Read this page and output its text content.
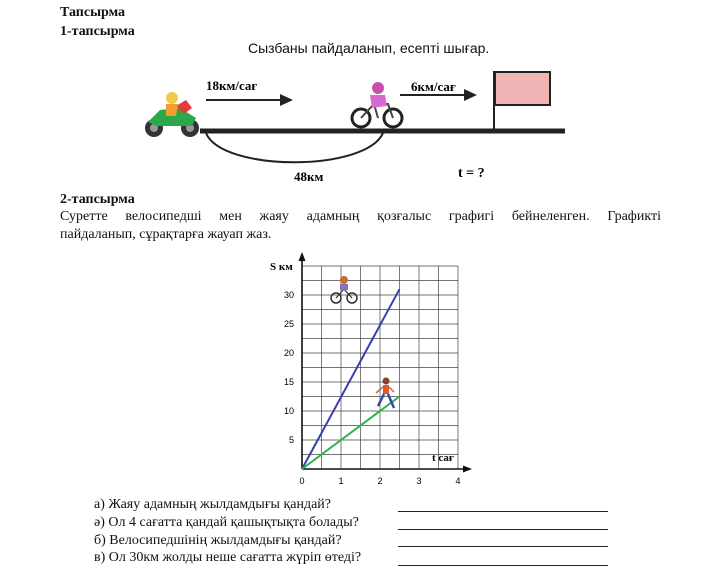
Тапсырма
1-тапсырма
Сызбаны пайдаланып, есепті шығар.
18км/сағ	6км/сағ
48км	t = ?
2-тапсырма
Суретте велосипедші мен жаяу адамның қозғалыс графигі бейнеленген. Графикті
пайдаланып, сұрақтарға жауап жаз.
0	1	2	3	4
5
10
15
20
25
30
S км
t сағ
а) Жаяу адамның жылдамдығы қандай?
ә) Ол 4 сағатта қандай қашықтықта болады?
б) Велосипедшінің жылдамдығы қандай?
в) Ол 30км жолды неше сағатта жүріп өтеді?
